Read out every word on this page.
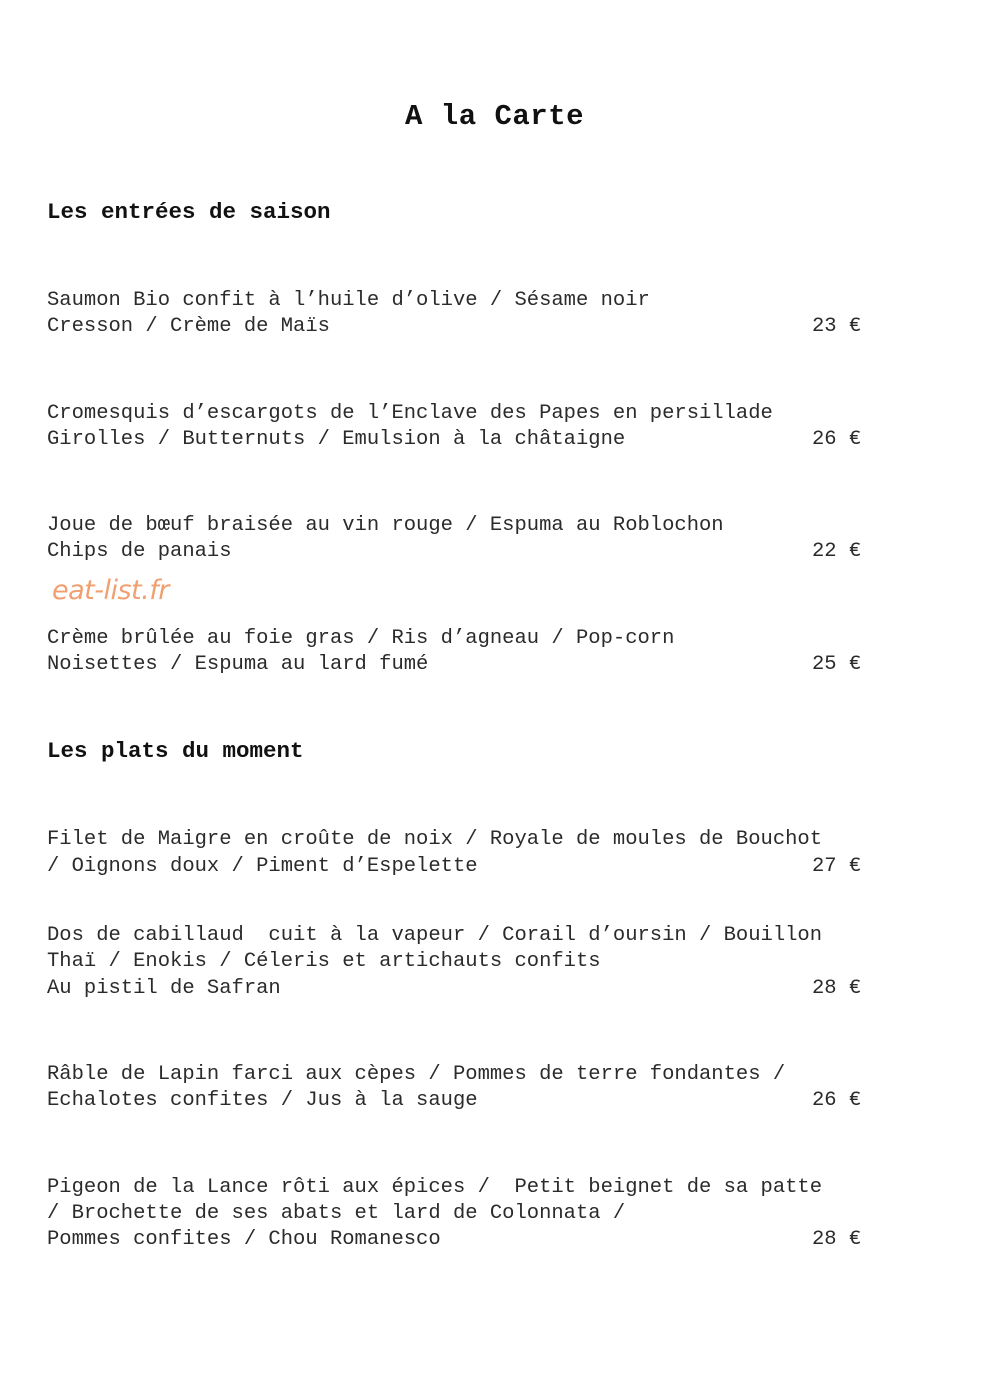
A la Carte
Les entrées de saison
Saumon Bio confit à l’huile d’olive / Sésame noir
Cresson / Crème de Maïs	23 €
Cromesquis d’escargots de l’Enclave des Papes en persillade
Girolles / Butternuts / Emulsion à la châtaigne	26 €
Joue de bœuf braisée au vin rouge / Espuma au Roblochon
Chips de panais	22 €
eat-list.fr
Crème brûlée au foie gras / Ris d’agneau / Pop-corn
Noisettes / Espuma au lard fumé	25 €
Les plats du moment
Filet de Maigre en croûte de noix / Royale de moules de Bouchot
/ Oignons doux / Piment d’Espelette	27 €
Dos de cabillaud  cuit à la vapeur / Corail d’oursin / Bouillon
Thaï / Enokis / Céleris et artichauts confits
Au pistil de Safran	28 €
Râble de Lapin farci aux cèpes / Pommes de terre fondantes /
Echalotes confites / Jus à la sauge	26 €
Pigeon de la Lance rôti aux épices /  Petit beignet de sa patte
/ Brochette de ses abats et lard de Colonnata /
Pommes confites / Chou Romanesco	28 €
